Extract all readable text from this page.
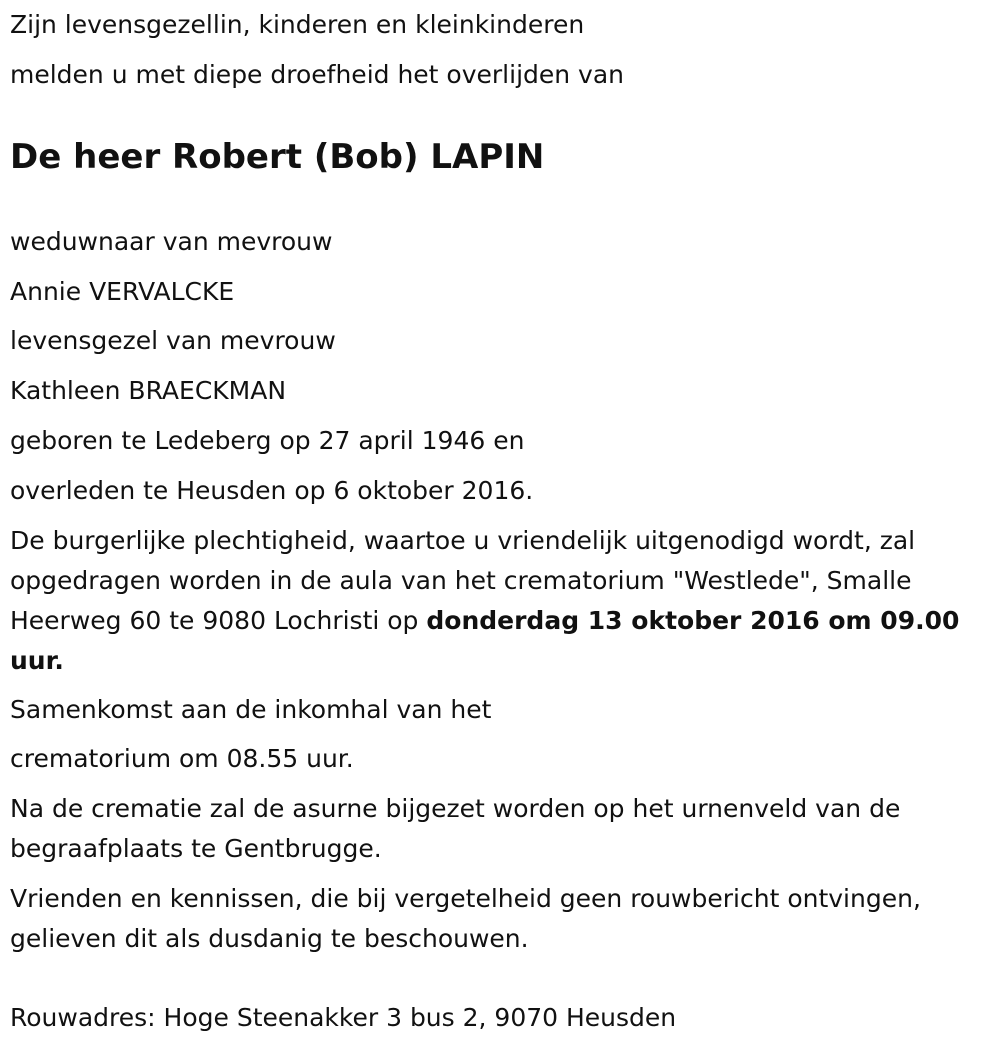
Zijn levensgezellin, kinderen en kleinkinderen

melden u met diepe droefheid het overlijden van

De heer Robert (Bob) LAPIN

weduwnaar van mevrouw

Annie VERVALCKE

levensgezel van mevrouw

Kathleen BRAECKMAN

geboren te Ledeberg op 27 april 1946 en

overleden te Heusden op 6 oktober 2016.

De burgerlijke plechtigheid, waartoe u vriendelijk uitgenodigd wordt, zal opgedragen worden in de aula van het crematorium "Westlede", Smalle Heerweg 60 te 9080 Lochristi op donderdag 13 oktober 2016 om 09.00 uur.

Samenkomst aan de inkomhal van het

crematorium om 08.55 uur.

Na de crematie zal de asurne bijgezet worden op het urnenveld van de begraafplaats te Gentbrugge.

Vrienden en kennissen, die bij vergetelheid geen rouwbericht ontvingen, gelieven dit als dusdanig te beschouwen.

Rouwadres: Hoge Steenakker 3 bus 2, 9070 Heusden
